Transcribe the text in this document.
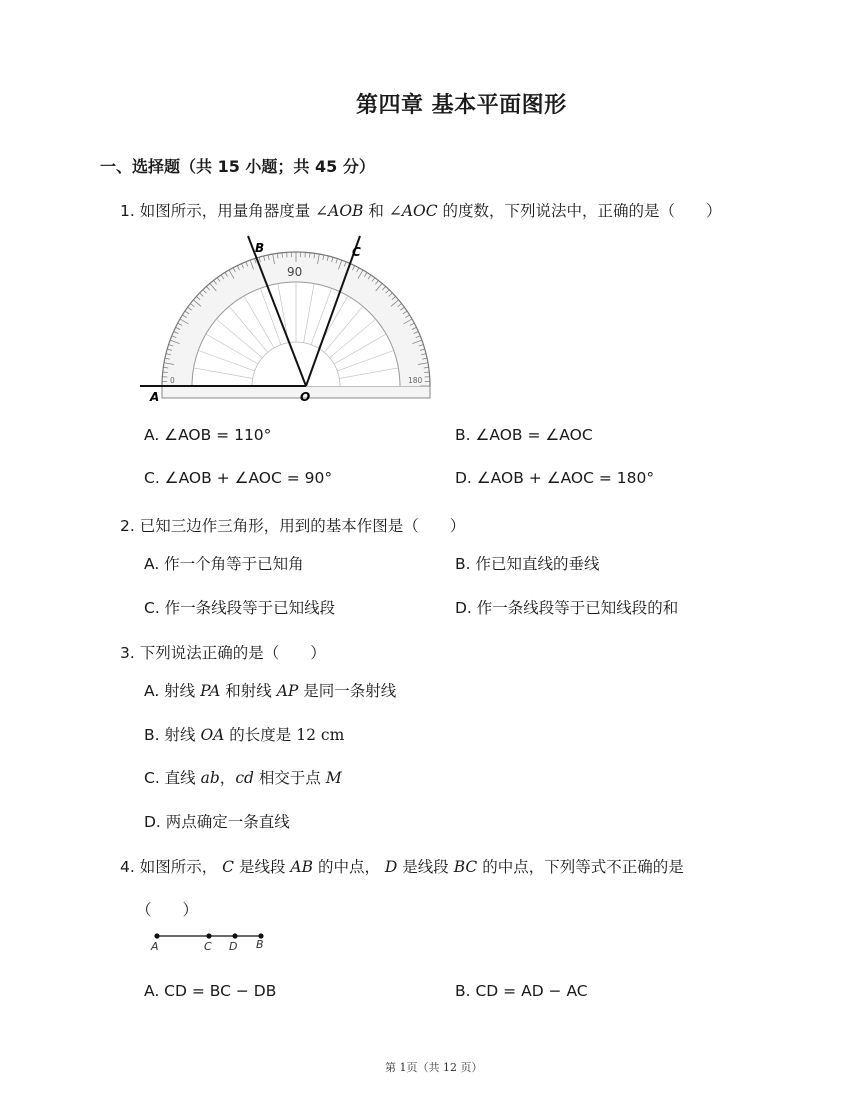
第四章 基本平面图形
一、选择题（共 15 小题；共 45 分）
1. 如图所示，用量角器度量 ∠AOB 和 ∠AOC 的度数，下列说法中，正确的是（　　）
0	180
90
A	O
B	C
A. ∠AOB = 110°	B. ∠AOB = ∠AOC
C. ∠AOB + ∠AOC = 90°	D. ∠AOB + ∠AOC = 180°
2. 已知三边作三角形，用到的基本作图是（　　）
A. 作一个角等于已知角	B. 作已知直线的垂线
C. 作一条线段等于已知线段	D. 作一条线段等于已知线段的和
3. 下列说法正确的是（　　）
A. 射线 PA 和射线 AP 是同一条射线
B. 射线 OA 的长度是 12 cm
C. 直线 ab，cd 相交于点 M
D. 两点确定一条直线
4. 如图所示， C 是线段 AB 的中点， D 是线段 BC 的中点，下列等式不正确的是
（　　）
A	C D B
A. CD = BC − DB	B. CD = AD − AC
第 1页（共 12 页）
